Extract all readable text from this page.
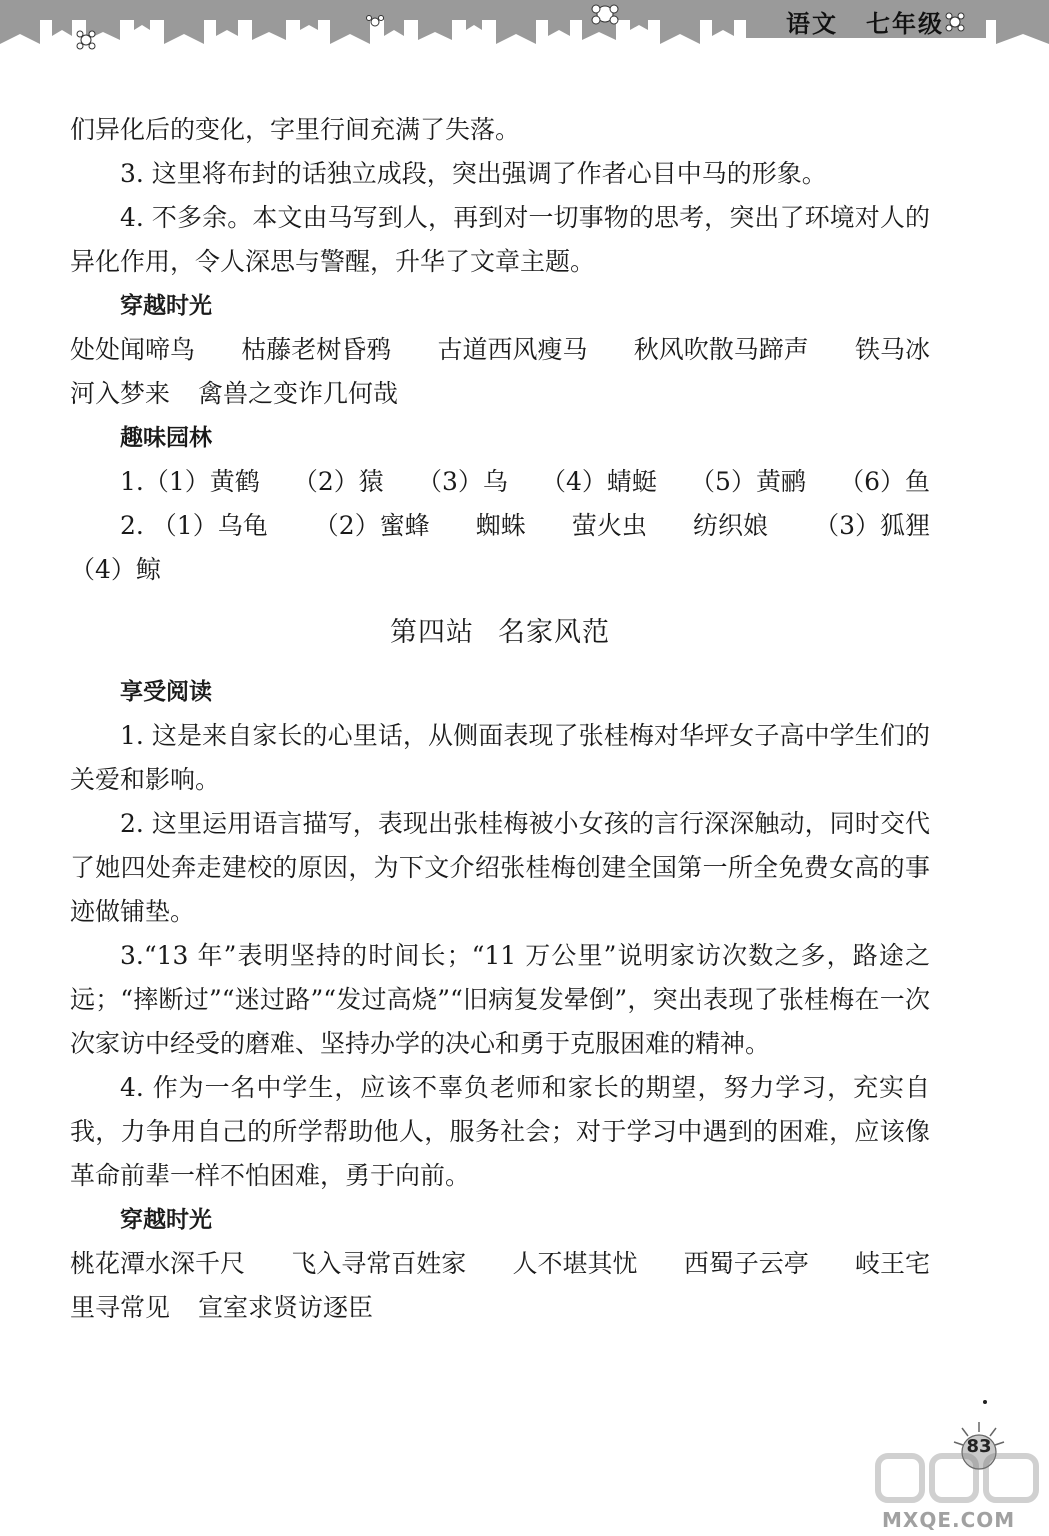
语文 七年级

们异化后的变化，字里行间充满了失落。

3. 这里将布封的话独立成段，突出强调了作者心目中马的形象。

4. 不多余。本文由马写到人，再到对一切事物的思考，突出了环境对人的异化作用，令人深思与警醒，升华了文章主题。

穿越时光

处处闻啼鸟 枯藤老树昏鸦 古道西风瘦马 秋风吹散马蹄声 铁马冰
河入梦来 禽兽之变诈几何哉

趣味园林

1.（1）黄鹤 （2）猿 （3）乌 （4）蜻蜓 （5）黄鹂 （6）鱼
2. （1）乌龟 （2）蜜蜂 蜘蛛 萤火虫 纺织娘 （3）狐狸
（4）鲸
第四站 名家风范

享受阅读

1. 这是来自家长的心里话，从侧面表现了张桂梅对华坪女子高中学生们的关爱和影响。

2. 这里运用语言描写，表现出张桂梅被小女孩的言行深深触动，同时交代了她四处奔走建校的原因，为下文介绍张桂梅创建全国第一所全免费女高的事迹做铺垫。

3.“13 年”表明坚持的时间长；“11 万公里”说明家访次数之多，路途之远；“摔断过”“迷过路”“发过高烧”“旧病复发晕倒”，突出表现了张桂梅在一次次家访中经受的磨难、坚持办学的决心和勇于克服困难的精神。

4. 作为一名中学生，应该不辜负老师和家长的期望，努力学习，充实自我，力争用自己的所学帮助他人，服务社会；对于学习中遇到的困难，应该像革命前辈一样不怕困难，勇于向前。

穿越时光

桃花潭水深千尺 飞入寻常百姓家 人不堪其忧 西蜀子云亭 岐王宅
里寻常见 宣室求贤访逐臣
83
MXQE.COM
